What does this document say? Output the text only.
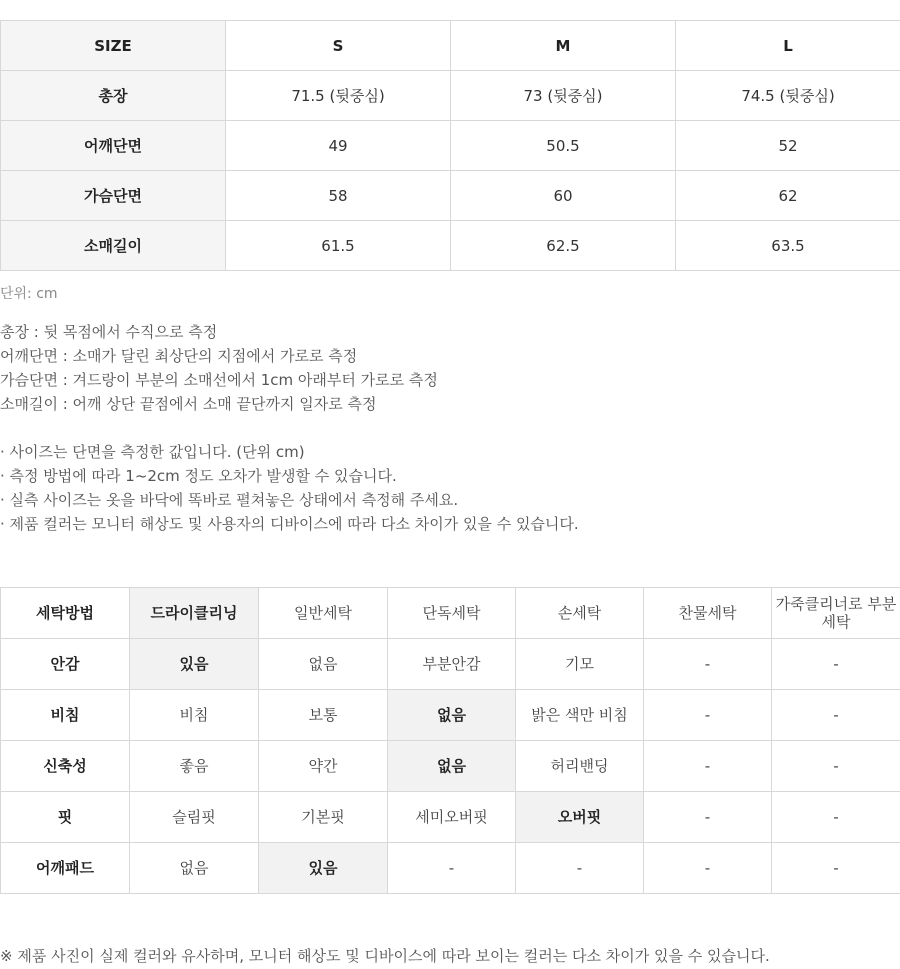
SIZE	S	M	L
총장	71.5 (뒷중심)	73 (뒷중심)	74.5 (뒷중심)
어깨단면	49	50.5	52
가슴단면	58	60	62
소매길이	61.5	62.5	63.5
단위: cm
총장 : 뒷 목점에서 수직으로 측정
어깨단면 : 소매가 달린 최상단의 지점에서 가로로 측정
가슴단면 : 겨드랑이 부분의 소매선에서 1cm 아래부터 가로로 측정
소매길이 : 어깨 상단 끝점에서 소매 끝단까지 일자로 측정
· 사이즈는 단면을 측정한 값입니다. (단위 cm)
· 측정 방법에 따라 1~2cm 정도 오차가 발생할 수 있습니다.
· 실측 사이즈는 옷을 바닥에 똑바로 펼쳐놓은 상태에서 측정해 주세요.
· 제품 컬러는 모니터 해상도 및 사용자의 디바이스에 따라 다소 차이가 있을 수 있습니다.
세탁방법	드라이클리닝	일반세탁	단독세탁	손세탁	찬물세탁	가죽클리너로 부분세탁
안감	있음	없음	부분안감	기모	-	-
비침	비침	보통	없음	밝은 색만 비침	-	-
신축성	좋음	약간	없음	허리밴딩	-	-
핏	슬림핏	기본핏	세미오버핏	오버핏	-	-
어깨패드	없음	있음	-	-	-	-
※ 제품 사진이 실제 컬러와 유사하며, 모니터 해상도 및 디바이스에 따라 보이는 컬러는 다소 차이가 있을 수 있습니다.
